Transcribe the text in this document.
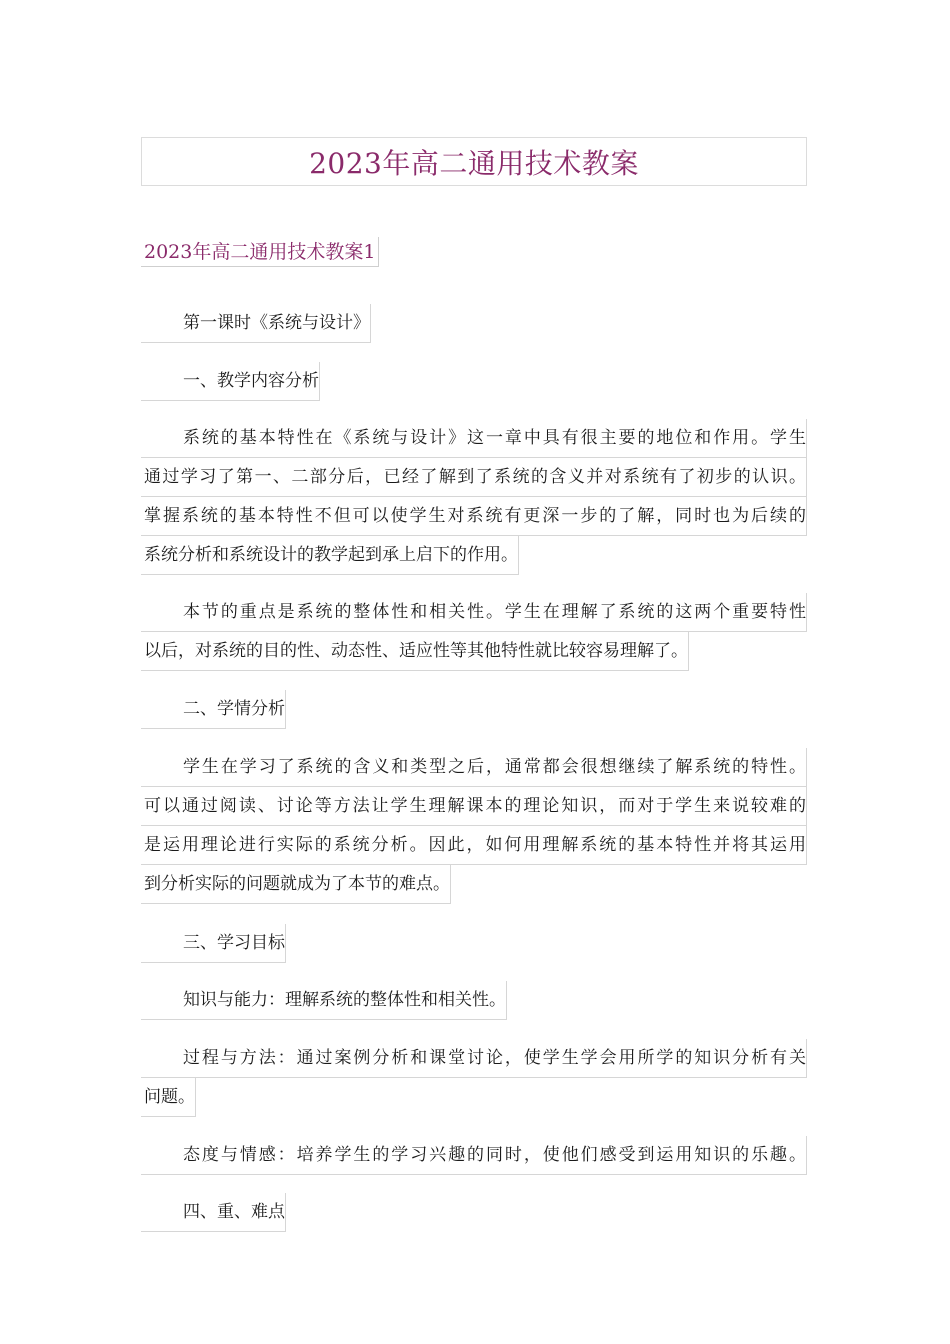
2023年高二通用技术教案
2023年高二通用技术教案1
第一课时《系统与设计》
一、教学内容分析
系统的基本特性在《系统与设计》这一章中具有很主要的地位和作用。学生
通过学习了第一、二部分后，已经了解到了系统的含义并对系统有了初步的认识。
掌握系统的基本特性不但可以使学生对系统有更深一步的了解，同时也为后续的
系统分析和系统设计的教学起到承上启下的作用。
本节的重点是系统的整体性和相关性。学生在理解了系统的这两个重要特性
以后，对系统的目的性、动态性、适应性等其他特性就比较容易理解了。
二、学情分析
学生在学习了系统的含义和类型之后，通常都会很想继续了解系统的特性。
可以通过阅读、讨论等方法让学生理解课本的理论知识，而对于学生来说较难的
是运用理论进行实际的系统分析。因此，如何用理解系统的基本特性并将其运用
到分析实际的问题就成为了本节的难点。
三、学习目标
知识与能力：理解系统的整体性和相关性。
过程与方法：通过案例分析和课堂讨论，使学生学会用所学的知识分析有关
问题。
态度与情感：培养学生的学习兴趣的同时，使他们感受到运用知识的乐趣。
四、重、难点
